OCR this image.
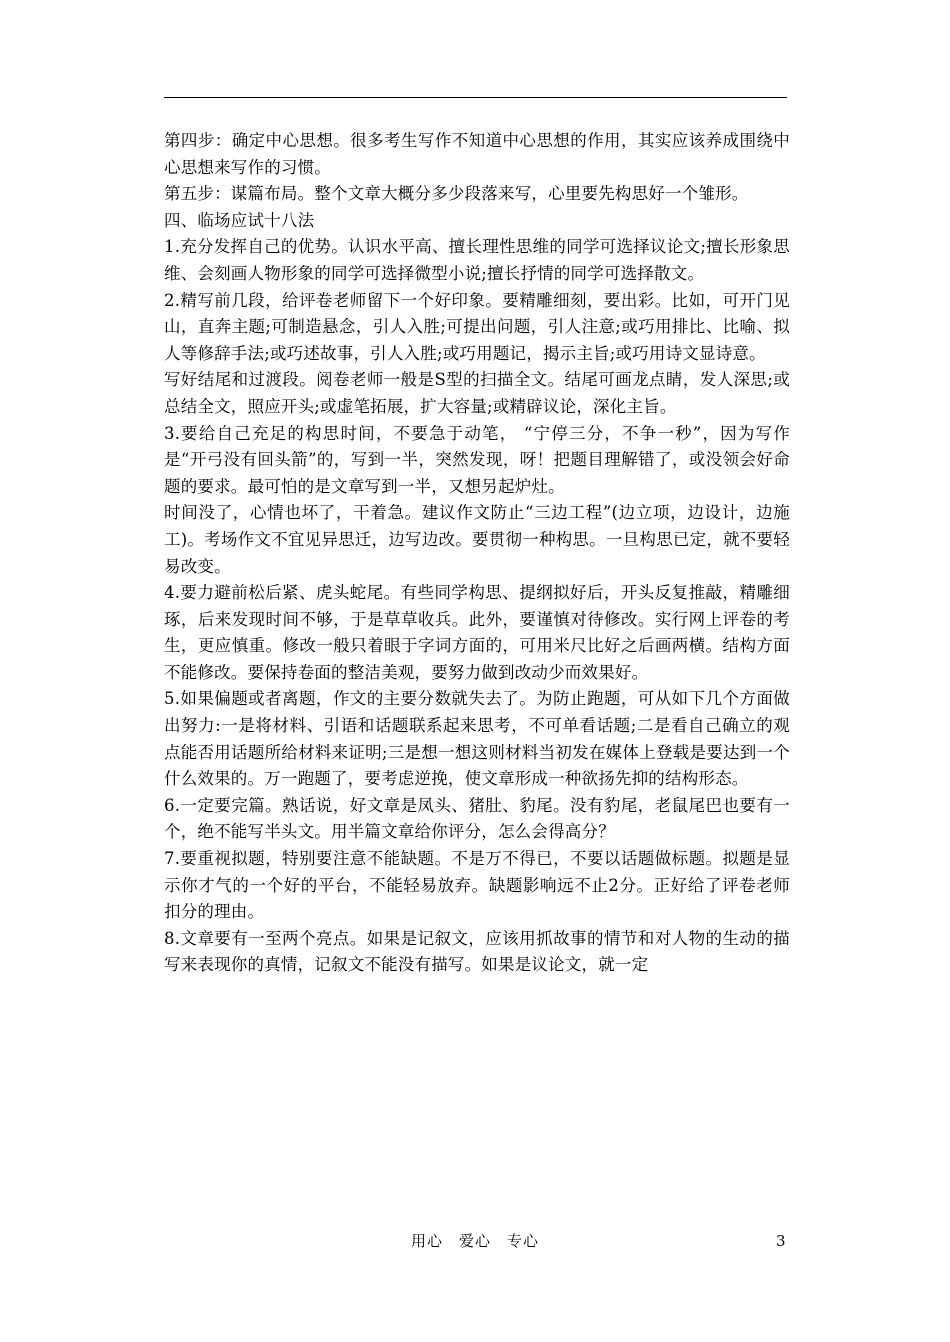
第四步：确定中心思想。很多考生写作不知道中心思想的作用，其实应该养成围绕中心思想来写作的习惯。

第五步：谋篇布局。整个文章大概分多少段落来写，心里要先构思好一个雏形。

四、临场应试十八法

1.充分发挥自己的优势。认识水平高、擅长理性思维的同学可选择议论文;擅长形象思维、会刻画人物形象的同学可选择微型小说;擅长抒情的同学可选择散文。

2.精写前几段，给评卷老师留下一个好印象。要精雕细刻，要出彩。比如，可开门见山，直奔主题;可制造悬念，引人入胜;可提出问题，引人注意;或巧用排比、比喻、拟人等修辞手法;或巧述故事，引人入胜;或巧用题记，揭示主旨;或巧用诗文显诗意。

写好结尾和过渡段。阅卷老师一般是S型的扫描全文。结尾可画龙点睛，发人深思;或总结全文，照应开头;或虚笔拓展，扩大容量;或精辟议论，深化主旨。

3.要给自己充足的构思时间，不要急于动笔， “宁停三分，不争一秒”，因为写作是“开弓没有回头箭”的，写到一半，突然发现，呀！把题目理解错了，或没领会好命题的要求。最可怕的是文章写到一半，又想另起炉灶。

时间没了，心情也坏了，干着急。建议作文防止“三边工程”(边立项，边设计，边施工)。考场作文不宜见异思迁，边写边改。要贯彻一种构思。一旦构思已定，就不要轻易改变。

4.要力避前松后紧、虎头蛇尾。有些同学构思、提纲拟好后，开头反复推敲，精雕细琢，后来发现时间不够，于是草草收兵。此外，要谨慎对待修改。实行网上评卷的考生，更应慎重。修改一般只着眼于字词方面的，可用米尺比好之后画两横。结构方面不能修改。要保持卷面的整洁美观，要努力做到改动少而效果好。

5.如果偏题或者离题，作文的主要分数就失去了。为防止跑题，可从如下几个方面做出努力:一是将材料、引语和话题联系起来思考，不可单看话题;二是看自己确立的观点能否用话题所给材料来证明;三是想一想这则材料当初发在媒体上登载是要达到一个什么效果的。万一跑题了，要考虑逆挽，使文章形成一种欲扬先抑的结构形态。

6.一定要完篇。熟话说，好文章是凤头、猪肚、豹尾。没有豹尾，老鼠尾巴也要有一个，绝不能写半头文。用半篇文章给你评分，怎么会得高分？

7.要重视拟题，特别要注意不能缺题。不是万不得已，不要以话题做标题。拟题是显示你才气的一个好的平台，不能轻易放弃。缺题影响远不止2分。正好给了评卷老师扣分的理由。

8.文章要有一至两个亮点。如果是记叙文，应该用抓故事的情节和对人物的生动的描写来表现你的真情，记叙文不能没有描写。如果是议论文，就一定

用心　爱心　专心	3
